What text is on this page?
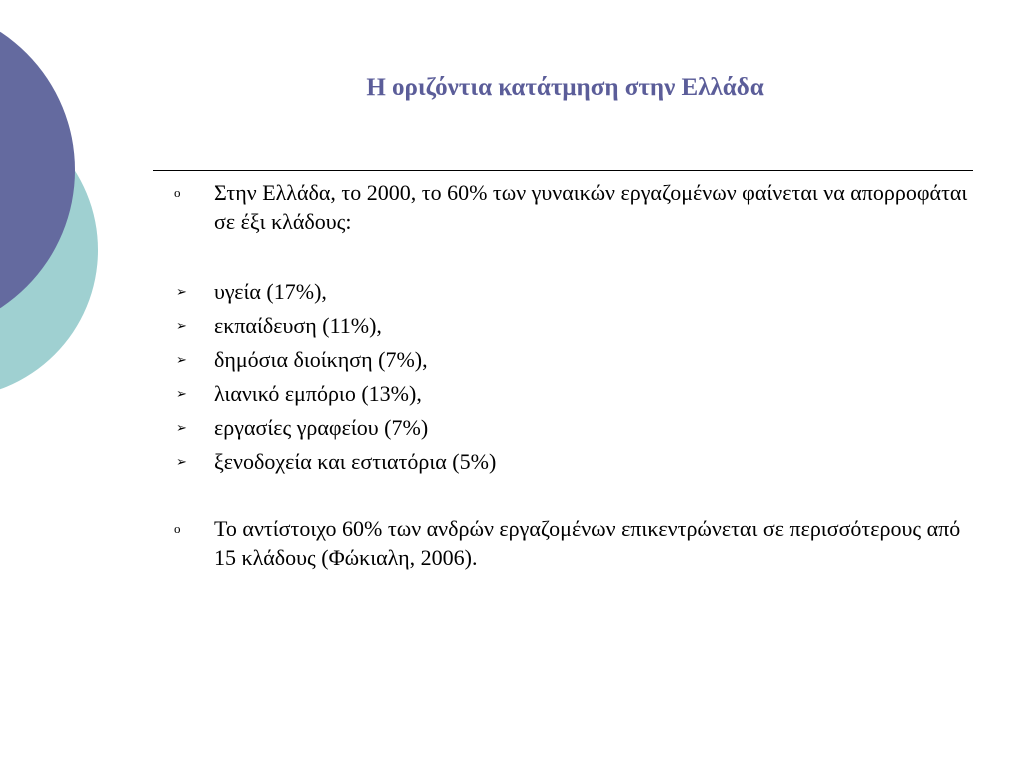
Η οριζόντια κατάτμηση στην Ελλάδα
o Στην Ελλάδα, το 2000, το 60% των γυναικών εργαζομένων φαίνεται να απορροφάται σε έξι κλάδους:
➢ υγεία (17%),
➢ εκπαίδευση (11%),
➢ δημόσια διοίκηση (7%),
➢ λιανικό εμπόριο (13%),
➢ εργασίες γραφείου (7%)
➢ ξενοδοχεία και εστιατόρια (5%)
o Το αντίστοιχο 60% των ανδρών εργαζομένων επικεντρώνεται σε περισσότερους από 15 κλάδους (Φώκιαλη, 2006).
